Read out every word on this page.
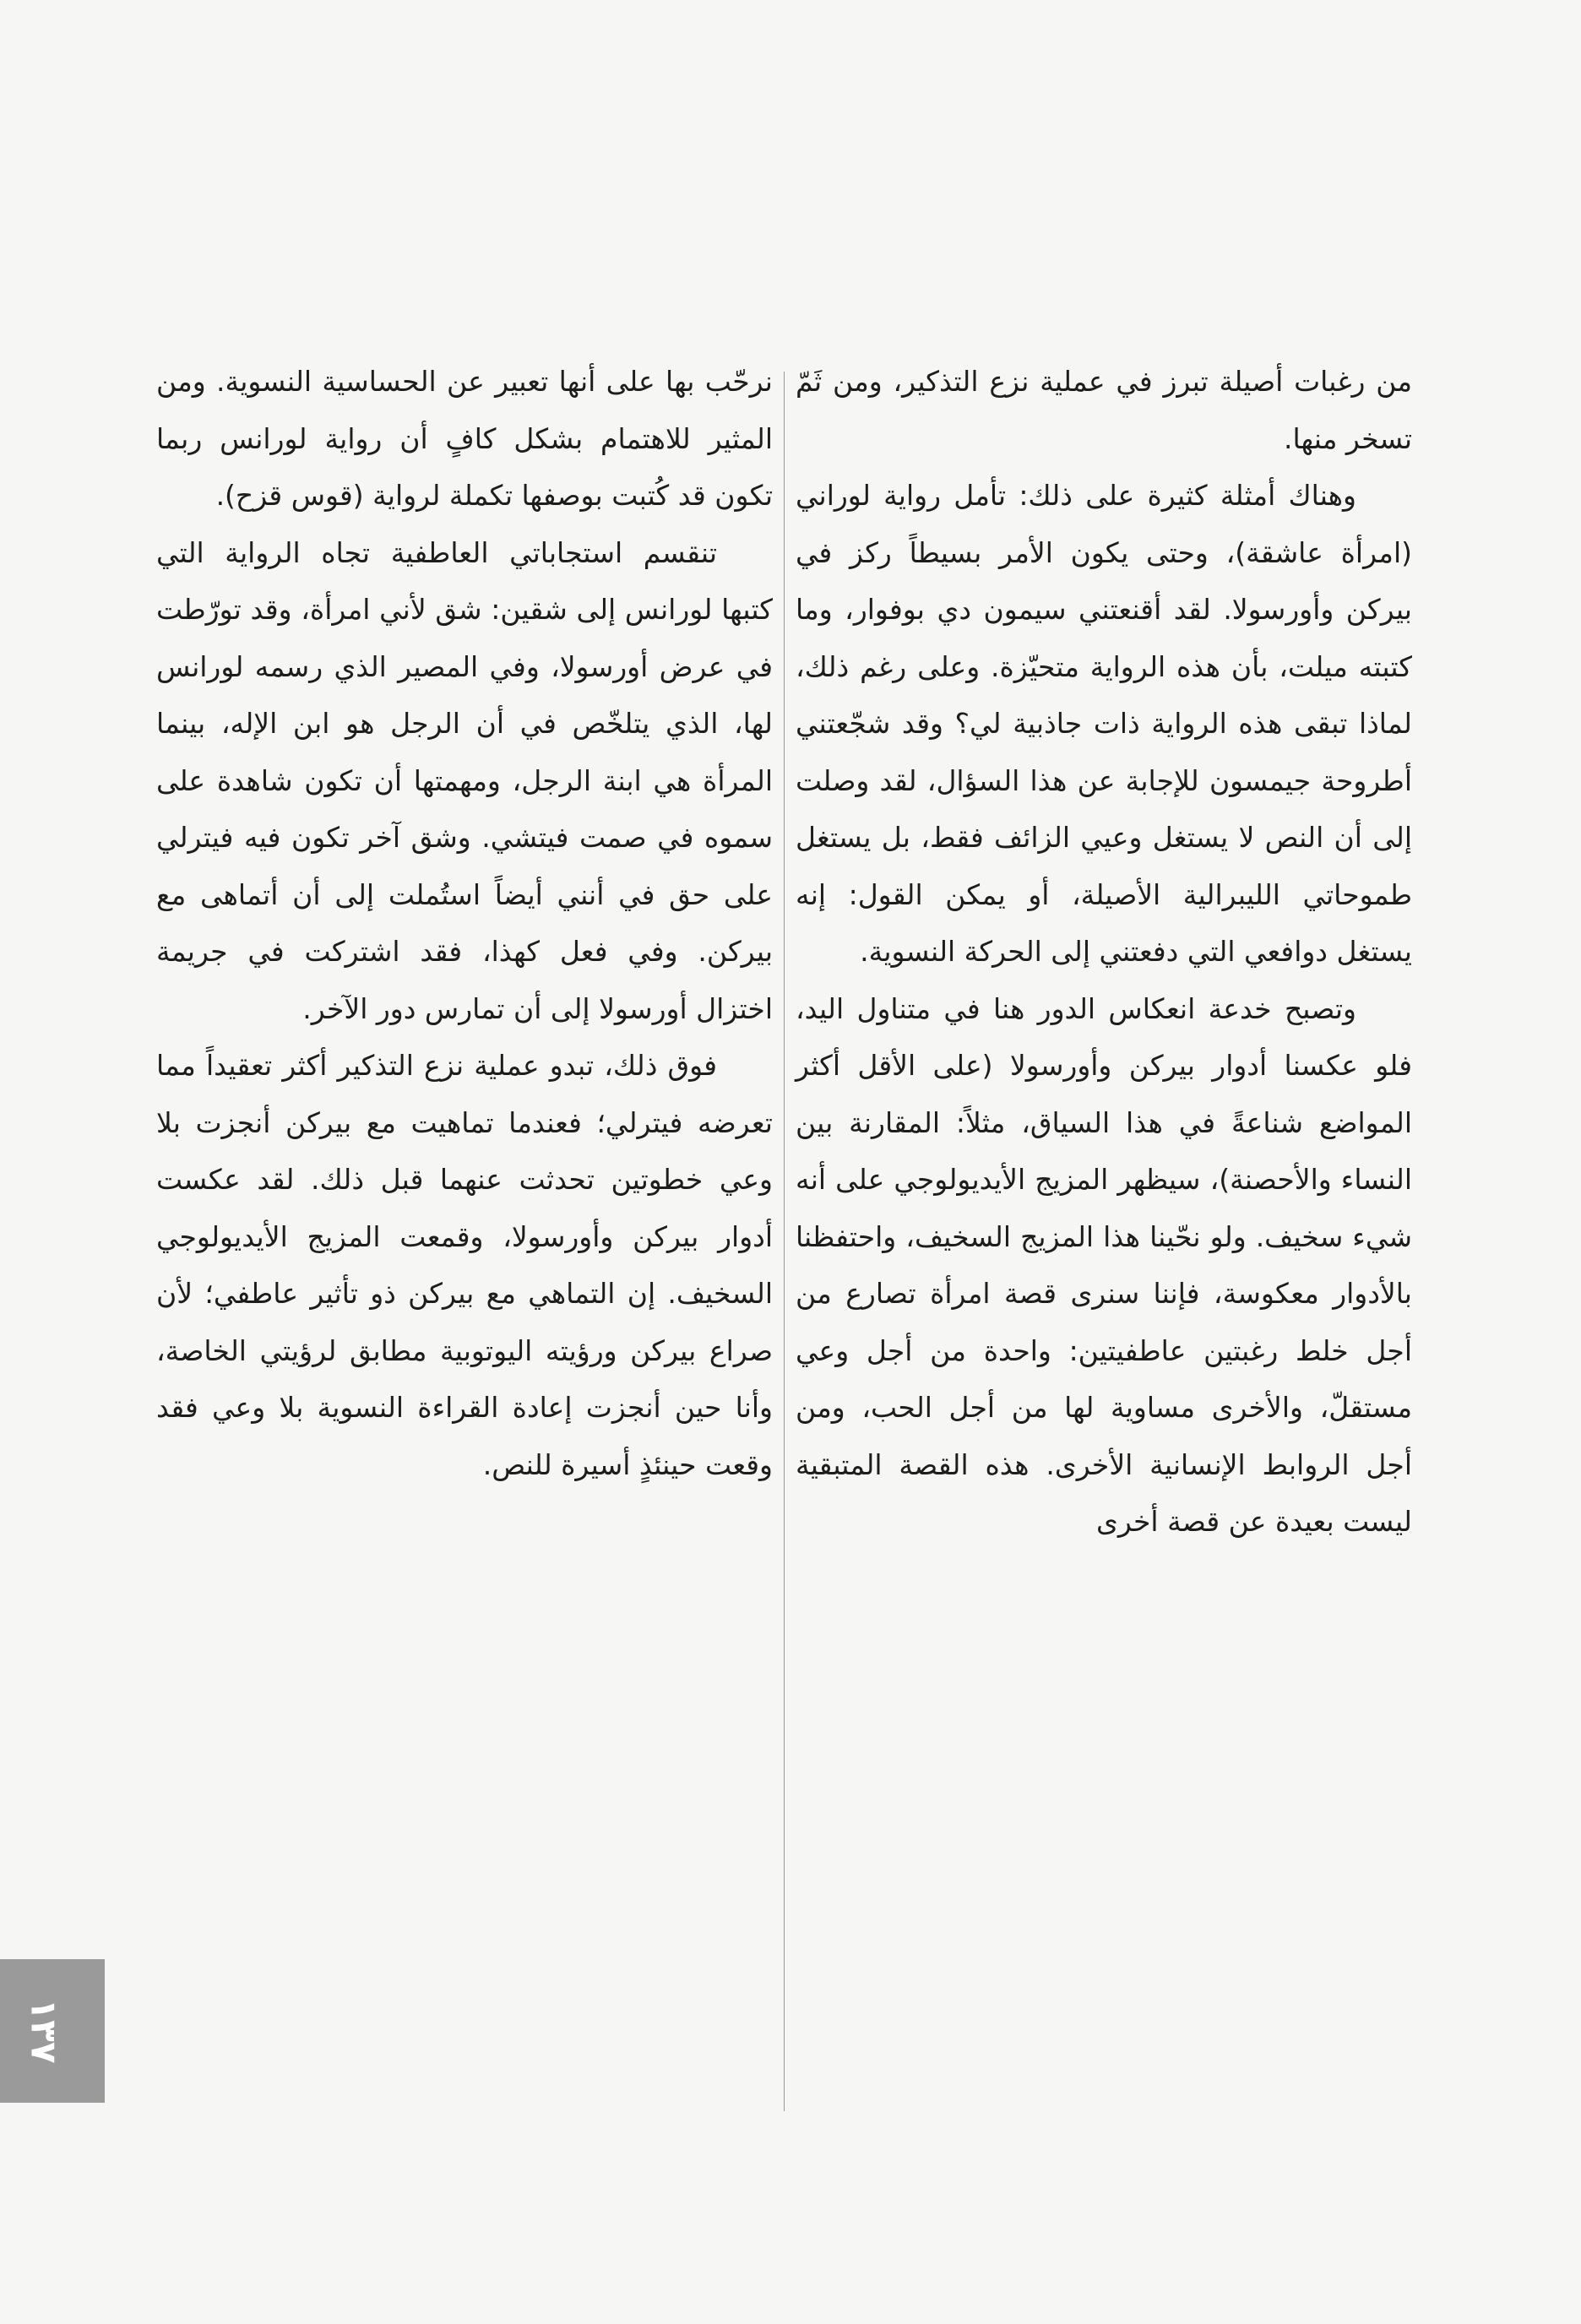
من رغبات أصيلة تبرز في عملية نزع التذكير، ومن ثَمّ تسخر منها.

وهناك أمثلة كثيرة على ذلك: تأمل رواية لوراني (امرأة عاشقة)، وحتى يكون الأمر بسيطاً ركز في بيركن وأورسولا. لقد أقنعتني سيمون دي بوفوار، وما كتبته ميلت، بأن هذه الرواية متحيّزة. وعلى رغم ذلك، لماذا تبقى هذه الرواية ذات جاذبية لي؟ وقد شجّعتني أطروحة جيمسون للإجابة عن هذا السؤال، لقد وصلت إلى أن النص لا يستغل وعيي الزائف فقط، بل يستغل طموحاتي الليبرالية الأصيلة، أو يمكن القول: إنه يستغل دوافعي التي دفعتني إلى الحركة النسوية.

وتصبح خدعة انعكاس الدور هنا في متناول اليد، فلو عكسنا أدوار بيركن وأورسولا (على الأقل أكثر المواضع شناعةً في هذا السياق، مثلاً: المقارنة بين النساء والأحصنة)، سيظهر المزيج الأيديولوجي على أنه شيء سخيف. ولو نحّينا هذا المزيج السخيف، واحتفظنا بالأدوار معكوسة، فإننا سنرى قصة امرأة تصارع من أجل خلط رغبتين عاطفيتين: واحدة من أجل وعي مستقلّ، والأخرى مساوية لها من أجل الحب، ومن أجل الروابط الإنسانية الأخرى. هذه القصة المتبقية ليست بعيدة عن قصة أخرى

نرحّب بها على أنها تعبير عن الحساسية النسوية. ومن المثير للاهتمام بشكل كافٍ أن رواية لورانس ربما تكون قد كُتبت بوصفها تكملة لرواية (قوس قزح).

تنقسم استجاباتي العاطفية تجاه الرواية التي كتبها لورانس إلى شقين: شق لأني امرأة، وقد تورّطت في عرض أورسولا، وفي المصير الذي رسمه لورانس لها، الذي يتلخّص في أن الرجل هو ابن الإله، بينما المرأة هي ابنة الرجل، ومهمتها أن تكون شاهدة على سموه في صمت فيتشي. وشق آخر تكون فيه فيترلي على حق في أنني أيضاً استُملت إلى أن أتماهى مع بيركن. وفي فعل كهذا، فقد اشتركت في جريمة اختزال أورسولا إلى أن تمارس دور الآخر.

فوق ذلك، تبدو عملية نزع التذكير أكثر تعقيداً مما تعرضه فيترلي؛ فعندما تماهيت مع بيركن أنجزت بلا وعي خطوتين تحدثت عنهما قبل ذلك. لقد عكست أدوار بيركن وأورسولا، وقمعت المزيج الأيديولوجي السخيف. إن التماهي مع بيركن ذو تأثير عاطفي؛ لأن صراع بيركن ورؤيته اليوتوبية مطابق لرؤيتي الخاصة، وأنا حين أنجزت إعادة القراءة النسوية بلا وعي فقد وقعت حينئذٍ أسيرة للنص.

١٣٧
